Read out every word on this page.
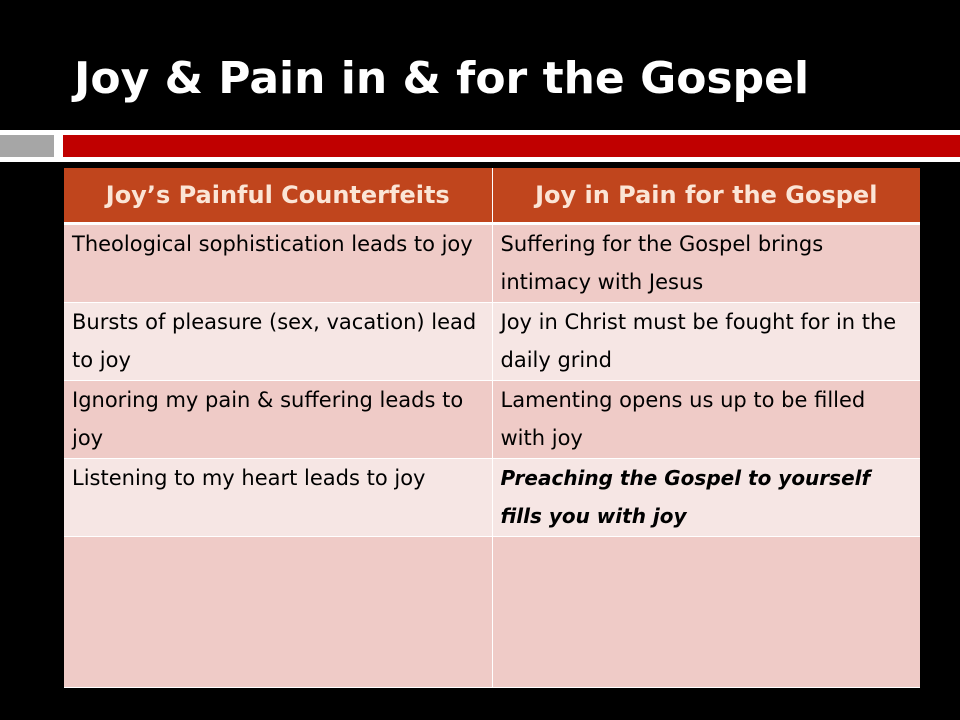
Joy & Pain in & for the Gospel
Joy’s Painful Counterfeits	Joy in Pain for the Gospel
Theological sophistication leads to joy	Suffering for the Gospel brings intimacy with Jesus
Bursts of pleasure (sex, vacation) lead to joy	Joy in Christ must be fought for in the daily grind
Ignoring my pain & suffering leads to joy	Lamenting opens us up to be filled with joy
Listening to my heart leads to joy	Preaching the Gospel to yourself fills you with joy
